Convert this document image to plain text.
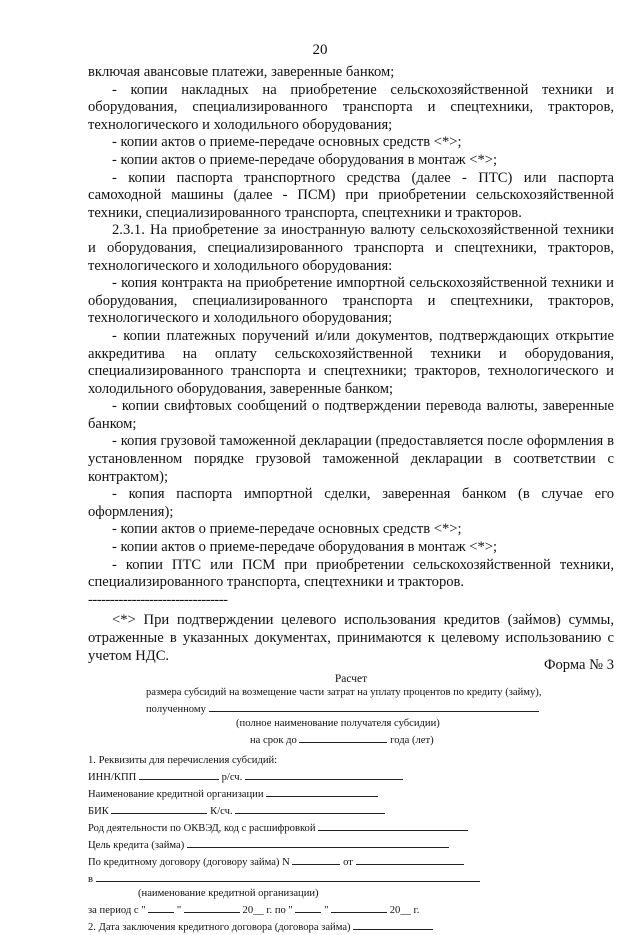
20

включая авансовые платежи, заверенные банком;

- копии накладных на приобретение сельскохозяйственной техники и оборудования, специализированного транспорта и спецтехники, тракторов, технологического и холодильного оборудования;

- копии актов о приеме-передаче основных средств <*>;

- копии актов о приеме-передаче оборудования в монтаж <*>;

- копии паспорта транспортного средства (далее - ПТС) или паспорта самоходной машины (далее - ПСМ) при приобретении сельскохозяйственной техники, специализированного транспорта, спецтехники и тракторов.

2.3.1. На приобретение за иностранную валюту сельскохозяйственной техники и оборудования, специализированного транспорта и спецтехники, тракторов, технологического и холодильного оборудования:

- копия контракта на приобретение импортной сельскохозяйственной техники и оборудования, специализированного транспорта и спецтехники, тракторов, технологического и холодильного оборудования;

- копии платежных поручений и/или документов, подтверждающих открытие аккредитива на оплату сельскохозяйственной техники и оборудования, специализированного транспорта и спецтехники; тракторов, технологического и холодильного оборудования, заверенные банком;

- копии свифтовых сообщений о подтверждении перевода валюты, заверенные банком;

- копия грузовой таможенной декларации (предоставляется после оформления в установленном порядке грузовой таможенной декларации в соответствии с контрактом);

- копия паспорта импортной сделки, заверенная банком (в случае его оформления);

- копии актов о приеме-передаче основных средств <*>;

- копии актов о приеме-передаче оборудования в монтаж <*>;

- копии ПТС или ПСМ при приобретении сельскохозяйственной техники, специализированного транспорта, спецтехники и тракторов.

--------------------------------

<*> При подтверждении целевого использования кредитов (займов) суммы, отраженные в указанных документах, принимаются к целевому использованию с учетом НДС.

Форма № 3
Расчет
размера субсидий на возмещение части затрат на уплату процентов по кредиту (займу),
полученному
(полное наименование получателя субсидии)
на срок до	года (лет)
1. Реквизиты для перечисления субсидий:
ИНН/КПП	р/сч.
Наименование кредитной организации
БИК	К/сч.
Род деятельности по ОКВЭД, код с расшифровкой
Цель кредита (займа)
По кредитному договору (договору займа) N	от
в
(наименование кредитной организации)
за период с "	"	20__ г. по "	"	20__ г.
2. Дата заключения кредитного договора (договора займа)
